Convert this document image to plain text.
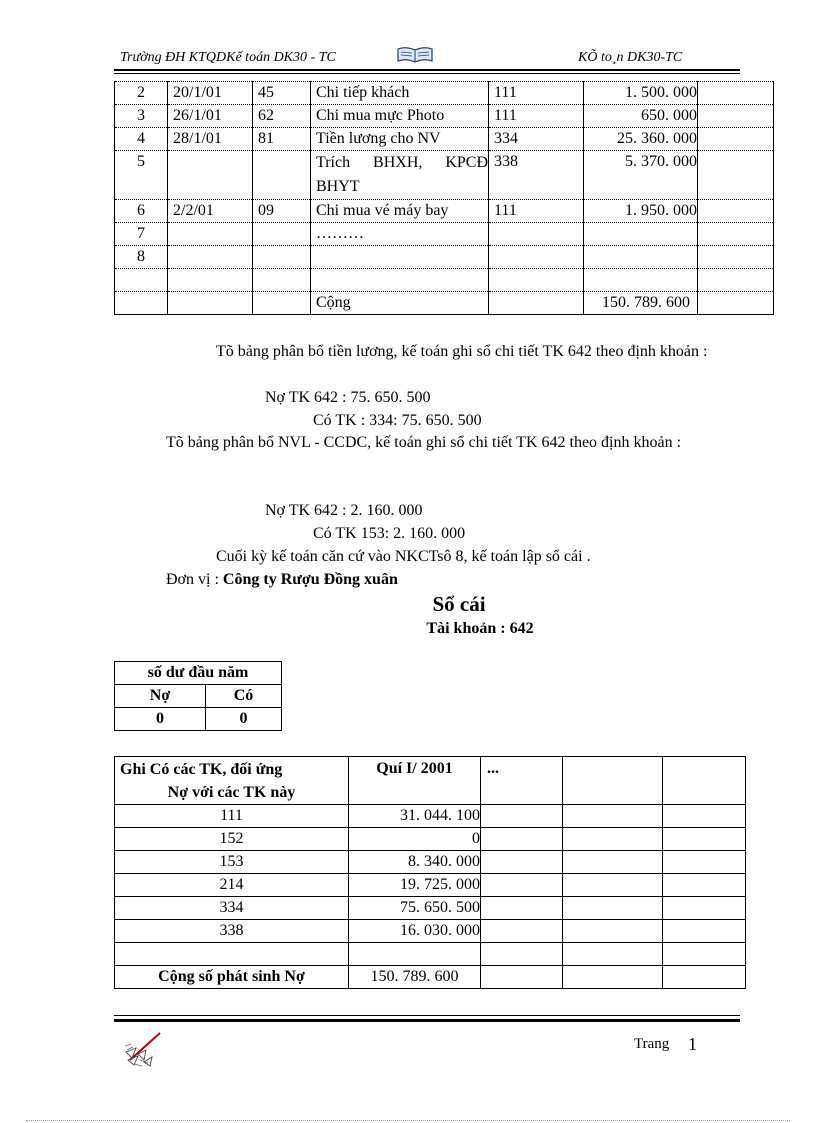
Trường ĐH KTQDKế toán DK30 - TC	KÕ to¸n DK30-TC
2	20/1/01	45	Chi tiếp khách	111	1. 500. 000	
3	26/1/01	62	Chi mua mực Photo	111	650. 000	
4	28/1/01	81	Tiền lương cho NV	334	25. 360. 000	
5			Trích BHXH, KPCĐ BHYT	338	5. 370. 000	
6	2/2/01	09	Chi mua vé máy bay	111	1. 950. 000	
7			………			
8						

			Cộng		150. 789. 600	
Tõ bảng phân bổ tiền lương, kế toán ghi sổ chi tiết TK 642 theo định khoản :
Nợ TK 642 : 75. 650. 500
Có TK : 334: 75. 650. 500
Tõ bảng phân bổ NVL - CCDC, kế toán ghi sổ chi tiết TK 642 theo định khoản :
Nợ TK 642 : 2. 160. 000
Có TK 153: 2. 160. 000
Cuối kỳ kế toán căn cứ vào NKCTsô 8, kế toán lập sổ cái .
Đơn vị : Công ty Rượu Đồng xuân
Sổ cái
Tài khoản : 642
số dư đầu năm	
Nợ	Có
0	0
Ghi Có các TK, đối ứng
Nợ với các TK này	Quí I/ 2001	...		
111	31. 044. 100			
152	0			
153	8. 340. 000			
214	19. 725. 000			
334	75. 650. 500			
338	16. 030. 000			

Cộng số phát sinh Nợ	150. 789. 600			
Trang 1
